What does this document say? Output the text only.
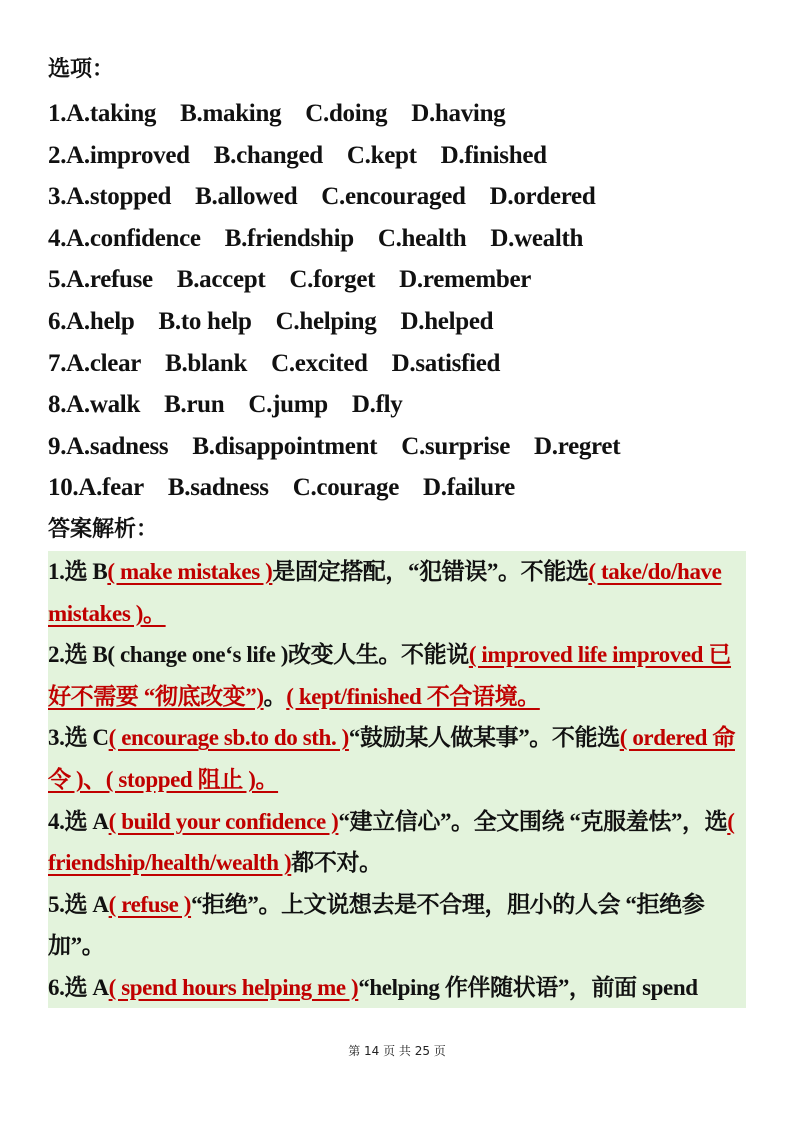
选项：
1.A.taking B.making C.doing D.having
2.A.improved B.changed C.kept D.finished
3.A.stopped B.allowed C.encouraged D.ordered
4.A.confidence B.friendship C.health D.wealth
5.A.refuse B.accept C.forget D.remember
6.A.help B.to help C.helping D.helped
7.A.clear B.blank C.excited D.satisfied
8.A.walk B.run C.jump D.fly
9.A.sadness B.disappointment C.surprise D.regret
10.A.fear B.sadness C.courage D.failure
答案解析：

1.选 B( make mistakes )是固定搭配，“犯错误”。不能选( take/do/have mistakes )。

2.选 B( change one‘s life )改变人生。不能说( improved life improved 已好不需要 “彻底改变”)。( kept/finished 不合语境。

3.选 C( encourage sb.to do sth. )“鼓励某人做某事”。不能选( ordered 命令 )、( stopped 阻止 )。

4.选 A( build your confidence )“建立信心”。全文围绕 “克服羞怯”，选( friendship/health/wealth )都不对。

5.选 A( refuse )“拒绝”。上文说想去是不合理，胆小的人会 “拒绝参加”。

6.选 A( spend hours helping me )“helping 作伴随状语”，前面 spend

第 14 页 共 25 页
